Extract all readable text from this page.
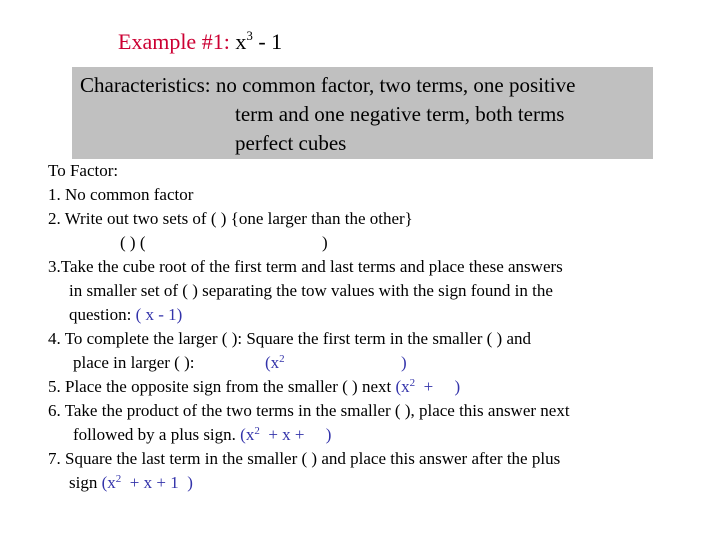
Example #1: $x^3 - 1$
Characteristics: no common factor, two terms, one positive
term and one negative term, both terms
perfect cubes
To Factor:
1. No common factor
2. Write out two sets of ( ) {one larger than the other}
( ) (	)
3.Take the cube root of the first term and last terms and place these answers
in smaller set of ( ) separating the tow values with the sign found in the
question: ( x - 1)
4. To complete the larger ( ): Square the first term in the smaller ( ) and
place in larger ( ):	($x^2$	)
5. Place the opposite sign from the smaller ( ) next ($x^2$  +     )
6. Take the product of the two terms in the smaller ( ), place this answer next
followed by a plus sign. ($x^2 + x$ +     )
7. Square the last term in the smaller ( ) and place this answer after the plus
sign ($x^2 + x + 1$  )
